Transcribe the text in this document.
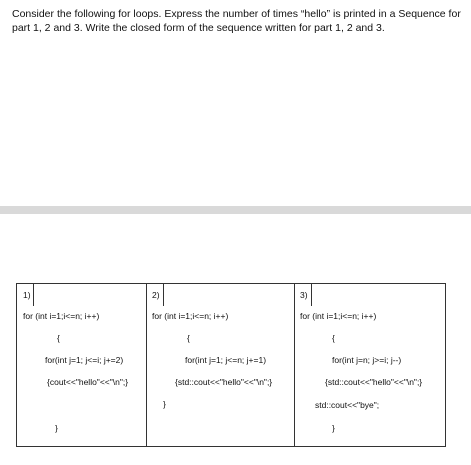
Consider the following for loops. Express the number of times “hello” is printed in a Sequence for part 1, 2 and 3. Write the closed form of the sequence written for part 1, 2 and 3.

1)
for (int i=1;i<=n; i++)
{
for(int j=1; j<=i; j+=2)
{cout<<"hello"<<"\n";}
}
2)
for (int i=1;i<=n; i++)
{
for(int j=1; j<=n; j+=1)
{std::cout<<"hello"<<"\n";}
}
3)
for (int i=1;i<=n; i++)
{
for(int j=n; j>=i; j--)
{std::cout<<"hello"<<"\n";}
std::cout<<"bye";
}
